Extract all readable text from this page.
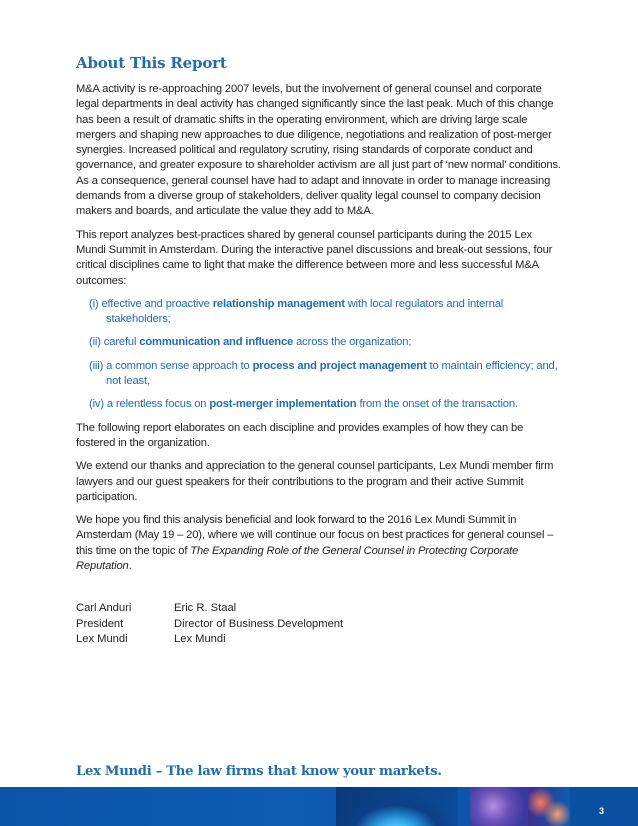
About This Report

M&A activity is re-approaching 2007 levels, but the involvement of general counsel and corporate legal departments in deal activity has changed significantly since the last peak. Much of this change has been a result of dramatic shifts in the operating environment, which are driving large scale mergers and shaping new approaches to due diligence, negotiations and realization of post-merger synergies. Increased political and regulatory scrutiny, rising standards of corporate conduct and governance, and greater exposure to shareholder activism are all just part of ‘new normal’ conditions. As a consequence, general counsel have had to adapt and innovate in order to manage increasing demands from a diverse group of stakeholders, deliver quality legal counsel to company decision makers and boards, and articulate the value they add to M&A.

This report analyzes best-practices shared by general counsel participants during the 2015 Lex Mundi Summit in Amsterdam. During the interactive panel discussions and break-out sessions, four critical disciplines came to light that make the difference between more and less successful M&A outcomes:

(i) effective and proactive relationship management with local regulators and internal stakeholders;
(ii) careful communication and influence across the organization;
(iii) a common sense approach to process and project management to maintain efficiency; and, not least,
(iv) a relentless focus on post-merger implementation from the onset of the transaction.

The following report elaborates on each discipline and provides examples of how they can be fostered in the organization.

We extend our thanks and appreciation to the general counsel participants, Lex Mundi member firm lawyers and our guest speakers for their contributions to the program and their active Summit participation.

We hope you find this analysis beneficial and look forward to the 2016 Lex Mundi Summit in Amsterdam (May 19 – 20), where we will continue our focus on best practices for general counsel – this time on the topic of The Expanding Role of the General Counsel in Protecting Corporate Reputation.

Carl Anduri
President
Lex Mundi
Eric R. Staal
Director of Business Development
Lex Mundi
Lex Mundi – The law firms that know your markets.
3
